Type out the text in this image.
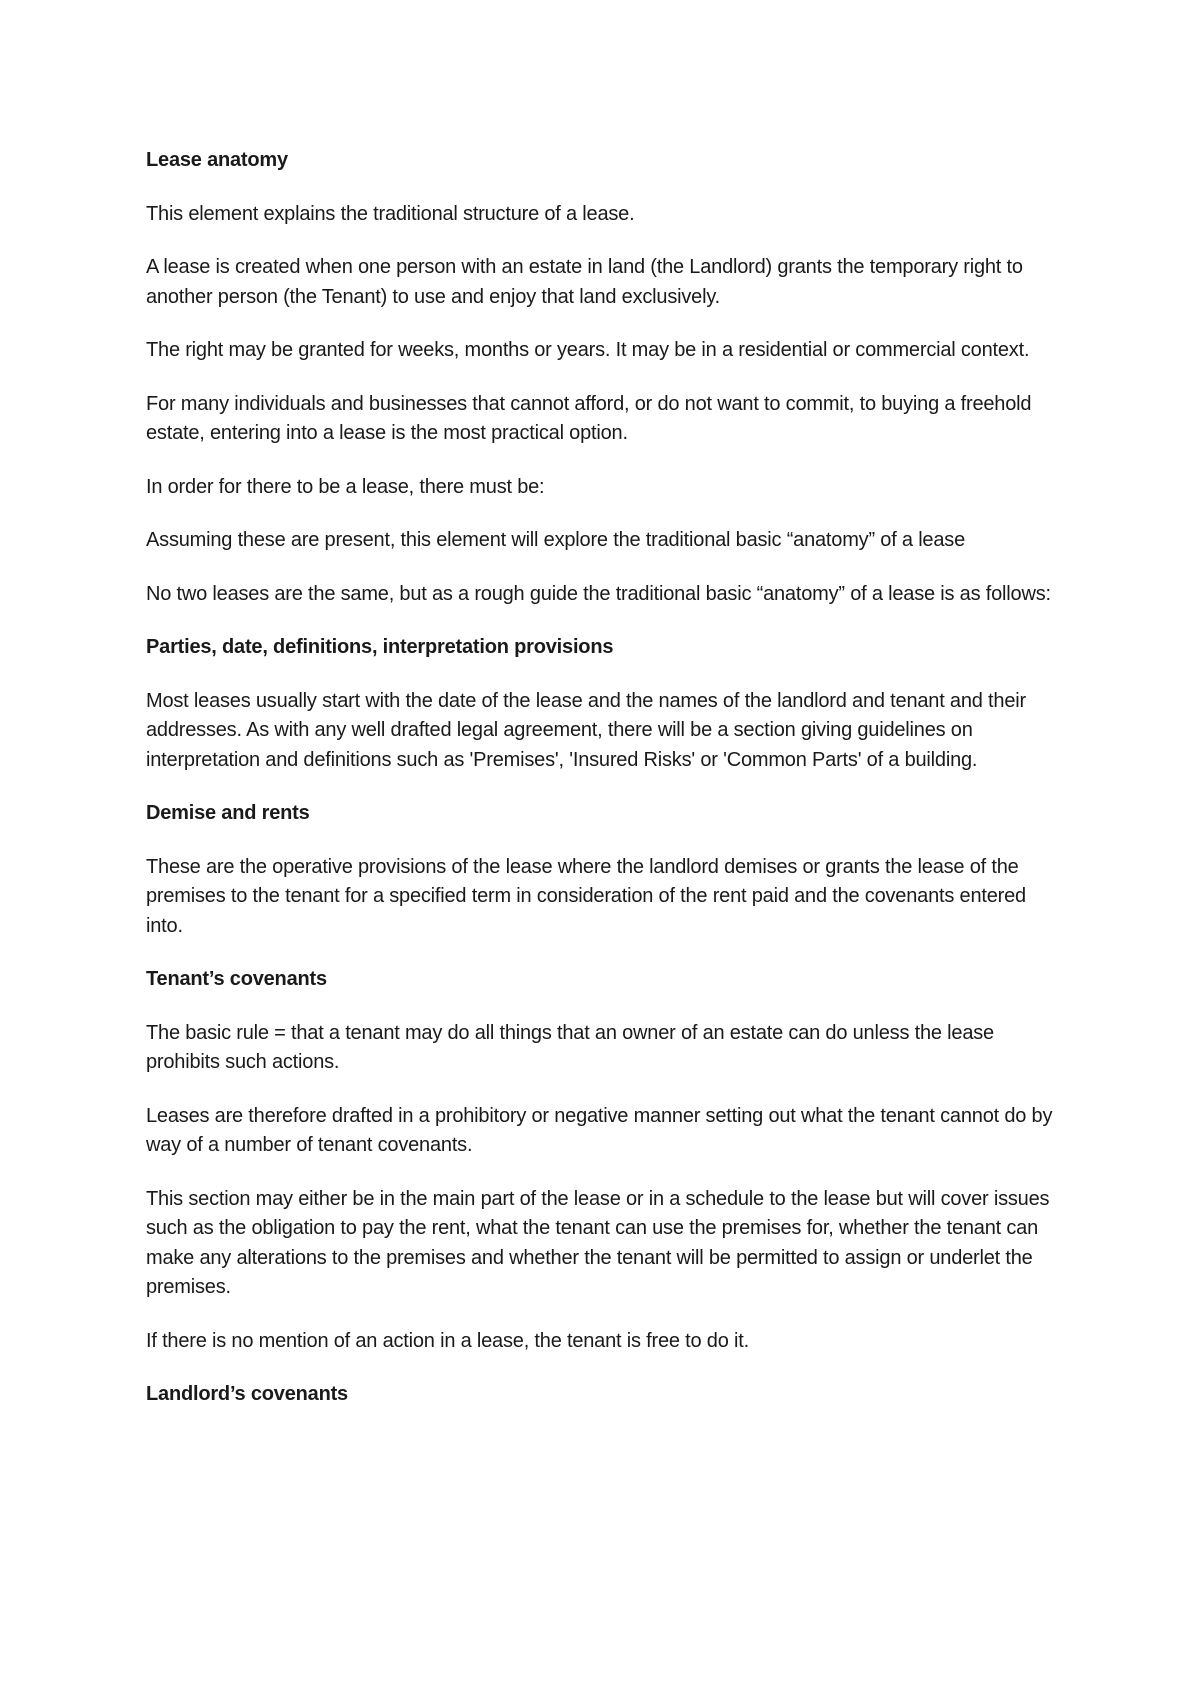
Lease anatomy

This element explains the traditional structure of a lease.

A lease is created when one person with an estate in land (the Landlord) grants the temporary right to another person (the Tenant) to use and enjoy that land exclusively.

The right may be granted for weeks, months or years. It may be in a residential or commercial context.

For many individuals and businesses that cannot afford, or do not want to commit, to buying a freehold estate, entering into a lease is the most practical option.

In order for there to be a lease, there must be:

Assuming these are present, this element will explore the traditional basic “anatomy” of a lease

No two leases are the same, but as a rough guide the traditional basic “anatomy” of a lease is as follows:

Parties, date, definitions, interpretation provisions

Most leases usually start with the date of the lease and the names of the landlord and tenant and their addresses. As with any well drafted legal agreement, there will be a section giving guidelines on interpretation and definitions such as 'Premises', 'Insured Risks' or 'Common Parts' of a building.

Demise and rents

These are the operative provisions of the lease where the landlord demises or grants the lease of the premises to the tenant for a specified term in consideration of the rent paid and the covenants entered into.

Tenant’s covenants

The basic rule = that a tenant may do all things that an owner of an estate can do unless the lease prohibits such actions.

Leases are therefore drafted in a prohibitory or negative manner setting out what the tenant cannot do by way of a number of tenant covenants.

This section may either be in the main part of the lease or in a schedule to the lease but will cover issues such as the obligation to pay the rent, what the tenant can use the premises for, whether the tenant can make any alterations to the premises and whether the tenant will be permitted to assign or underlet the premises.

If there is no mention of an action in a lease, the tenant is free to do it.

Landlord’s covenants
